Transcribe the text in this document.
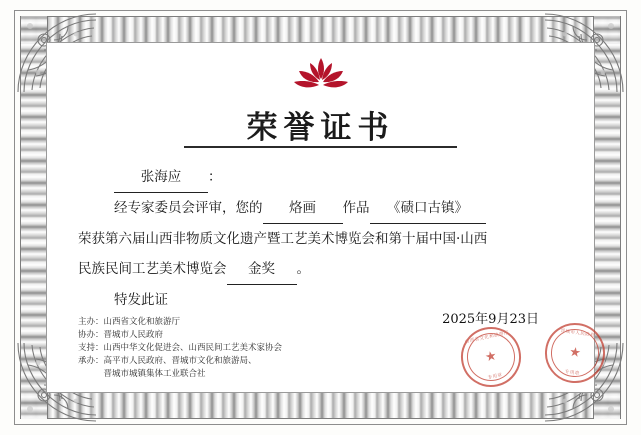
荣誉证书
张海应 ：
经专家委员会评审，您的 烙画 作品 《碛口古镇》
荣获第六届山西非物质文化遗产暨工艺美术博览会和第十届中国·山西
民族民间工艺美术博览会 金奖 。
特发此证
主办：山西省文化和旅游厅
协办：晋城市人民政府
支持：山西中华文化促进会、山西民间工艺美术家协会
承办：高平市人民政府、晋城市文化和旅游局、
　　　晋城市城镇集体工业联合社
2025年9月23日
山西省文化和旅游厅
★
专用章
晋城市人民政府
★
专用章
